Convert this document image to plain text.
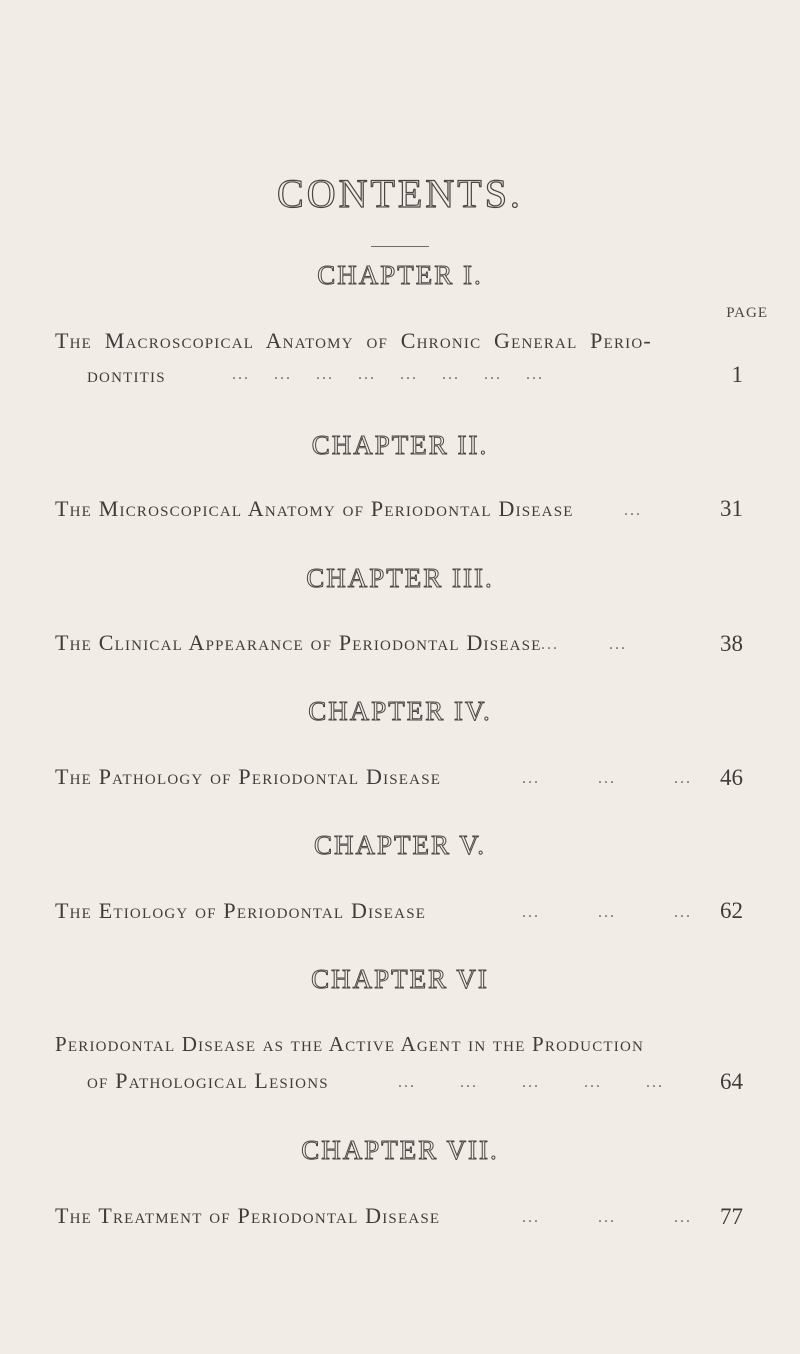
CONTENTS.
PAGE
CHAPTER I.
The Macroscopical Anatomy of Chronic General Perio-
dontitis	... ... ... ... ... ... ... ...	1
CHAPTER II.
The Microscopical Anatomy of Periodontal Disease	...	31
CHAPTER III.
The Clinical Appearance of Periodontal Disease ... ...	38
CHAPTER IV.
The Pathology of Periodontal Disease	... ... ...	46
CHAPTER V.
The Etiology of Periodontal Disease	... ... ...	62
CHAPTER VI
Periodontal Disease as the Active Agent in the Production
of Pathological Lesions	... ... ... ... ...	64
CHAPTER VII.
The Treatment of Periodontal Disease	... ... ...	77
